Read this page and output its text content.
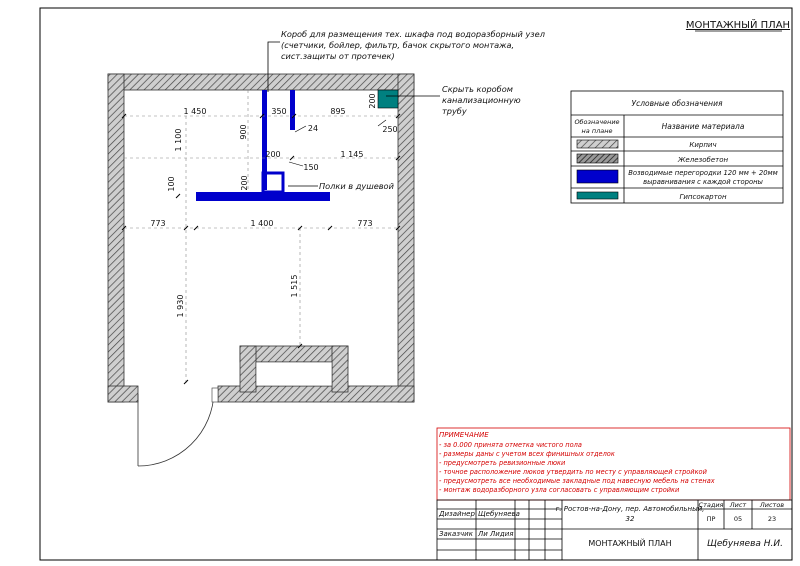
МОНТАЖНЫЙ ПЛАН
1 450	350	895
200
900	24	250
1 100
200
150
1 145
100	200
773	1 400	773
1 930
1 515
Короб для размещения тех. шкафа под водоразборный узел
(счетчики, бойлер, фильтр, бачок скрытого монтажа,
сист.защиты от протечек)
Скрыть коробом
канализационную
трубу
Полки в душевой
Условные обозначения
Обозначение
на плане	Название материала
Кирпич
Железобетон
Возводимые перегородки 120 мм + 20мм
выравнивания с каждой стороны
Гипсокартон
ПРИМЕЧАНИЕ
- за 0.000 принята отметка чистого пола
- размеры даны с учетом всех финишных отделок
- предусмотреть ревизионные люки
- точное расположение люков утвердить по месту с управляющей стройкой
- предусмотреть все необходимые закладные под навесную мебель на стенах
- монтаж водоразборного узла согласовать с управляющим стройки
Дизайнер Щебуняева
Заказчик Ли Лидия
г. Ростов-на-Дону, пер. Автомобильный,
32
МОНТАЖНЫЙ ПЛАН	Щебуняева Н.И.
Стадия Лист Листов
ПР	05	23
